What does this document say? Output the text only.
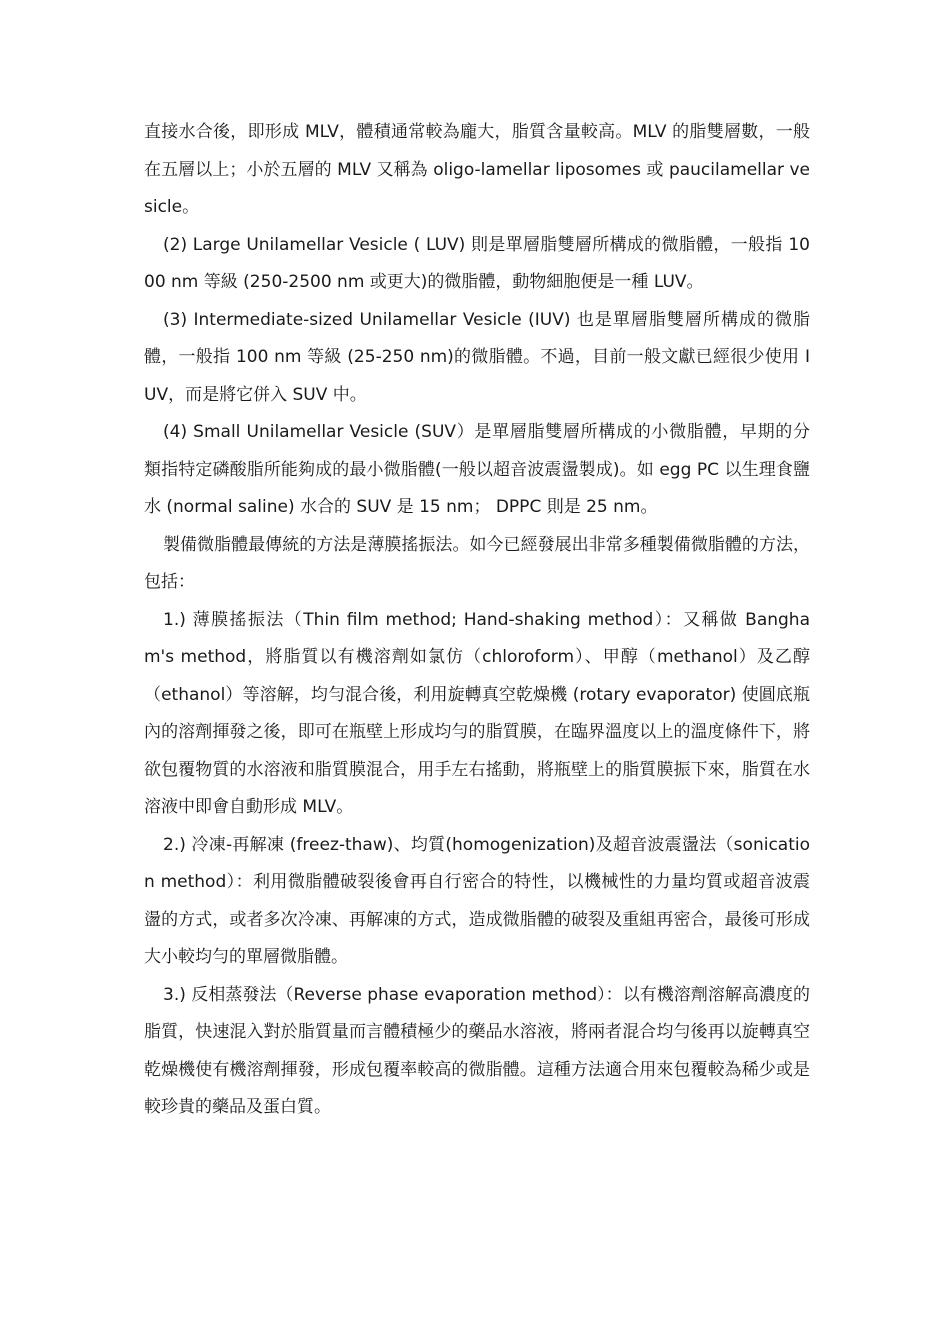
直接水合後，即形成 MLV，體積通常較為龐大，脂質含量較高。MLV 的脂雙層數，一般在五層以上；小於五層的 MLV 又稱為 oligo-lamellar liposomes 或 paucilamellar vesicle。

(2) Large Unilamellar Vesicle ( LUV) 則是單層脂雙層所構成的微脂體，一般指 1000 nm 等級 (250-2500 nm 或更大)的微脂體，動物細胞便是一種 LUV。

(3) Intermediate-sized Unilamellar Vesicle (IUV) 也是單層脂雙層所構成的微脂體，一般指 100 nm 等級 (25-250 nm)的微脂體。不過，目前一般文獻已經很少使用 IUV，而是將它併入 SUV 中。

(4) Small Unilamellar Vesicle (SUV）是單層脂雙層所構成的小微脂體，早期的分類指特定磷酸脂所能夠成的最小微脂體(一般以超音波震盪製成)。如 egg PC 以生理食鹽水 (normal saline) 水合的 SUV 是 15 nm； DPPC 則是 25 nm。

製備微脂體最傳統的方法是薄膜搖振法。如今已經發展出非常多種製備微脂體的方法，包括：

1.) 薄膜搖振法（Thin film method; Hand-shaking method）：又稱做 Bangham's method，將脂質以有機溶劑如氯仿（chloroform）、甲醇（methanol）及乙醇（ethanol）等溶解，均勻混合後，利用旋轉真空乾燥機 (rotary evaporator) 使圓底瓶內的溶劑揮發之後，即可在瓶壁上形成均勻的脂質膜，在臨界溫度以上的溫度條件下，將欲包覆物質的水溶液和脂質膜混合，用手左右搖動，將瓶壁上的脂質膜振下來，脂質在水溶液中即會自動形成 MLV。

2.) 冷凍-再解凍 (freez-thaw)、均質(homogenization)及超音波震盪法（sonication method）：利用微脂體破裂後會再自行密合的特性，以機械性的力量均質或超音波震盪的方式，或者多次冷凍、再解凍的方式，造成微脂體的破裂及重組再密合，最後可形成大小較均勻的單層微脂體。

3.) 反相蒸發法（Reverse phase evaporation method）：以有機溶劑溶解高濃度的脂質，快速混入對於脂質量而言體積極少的藥品水溶液，將兩者混合均勻後再以旋轉真空乾燥機使有機溶劑揮發，形成包覆率較高的微脂體。這種方法適合用來包覆較為稀少或是較珍貴的藥品及蛋白質。
